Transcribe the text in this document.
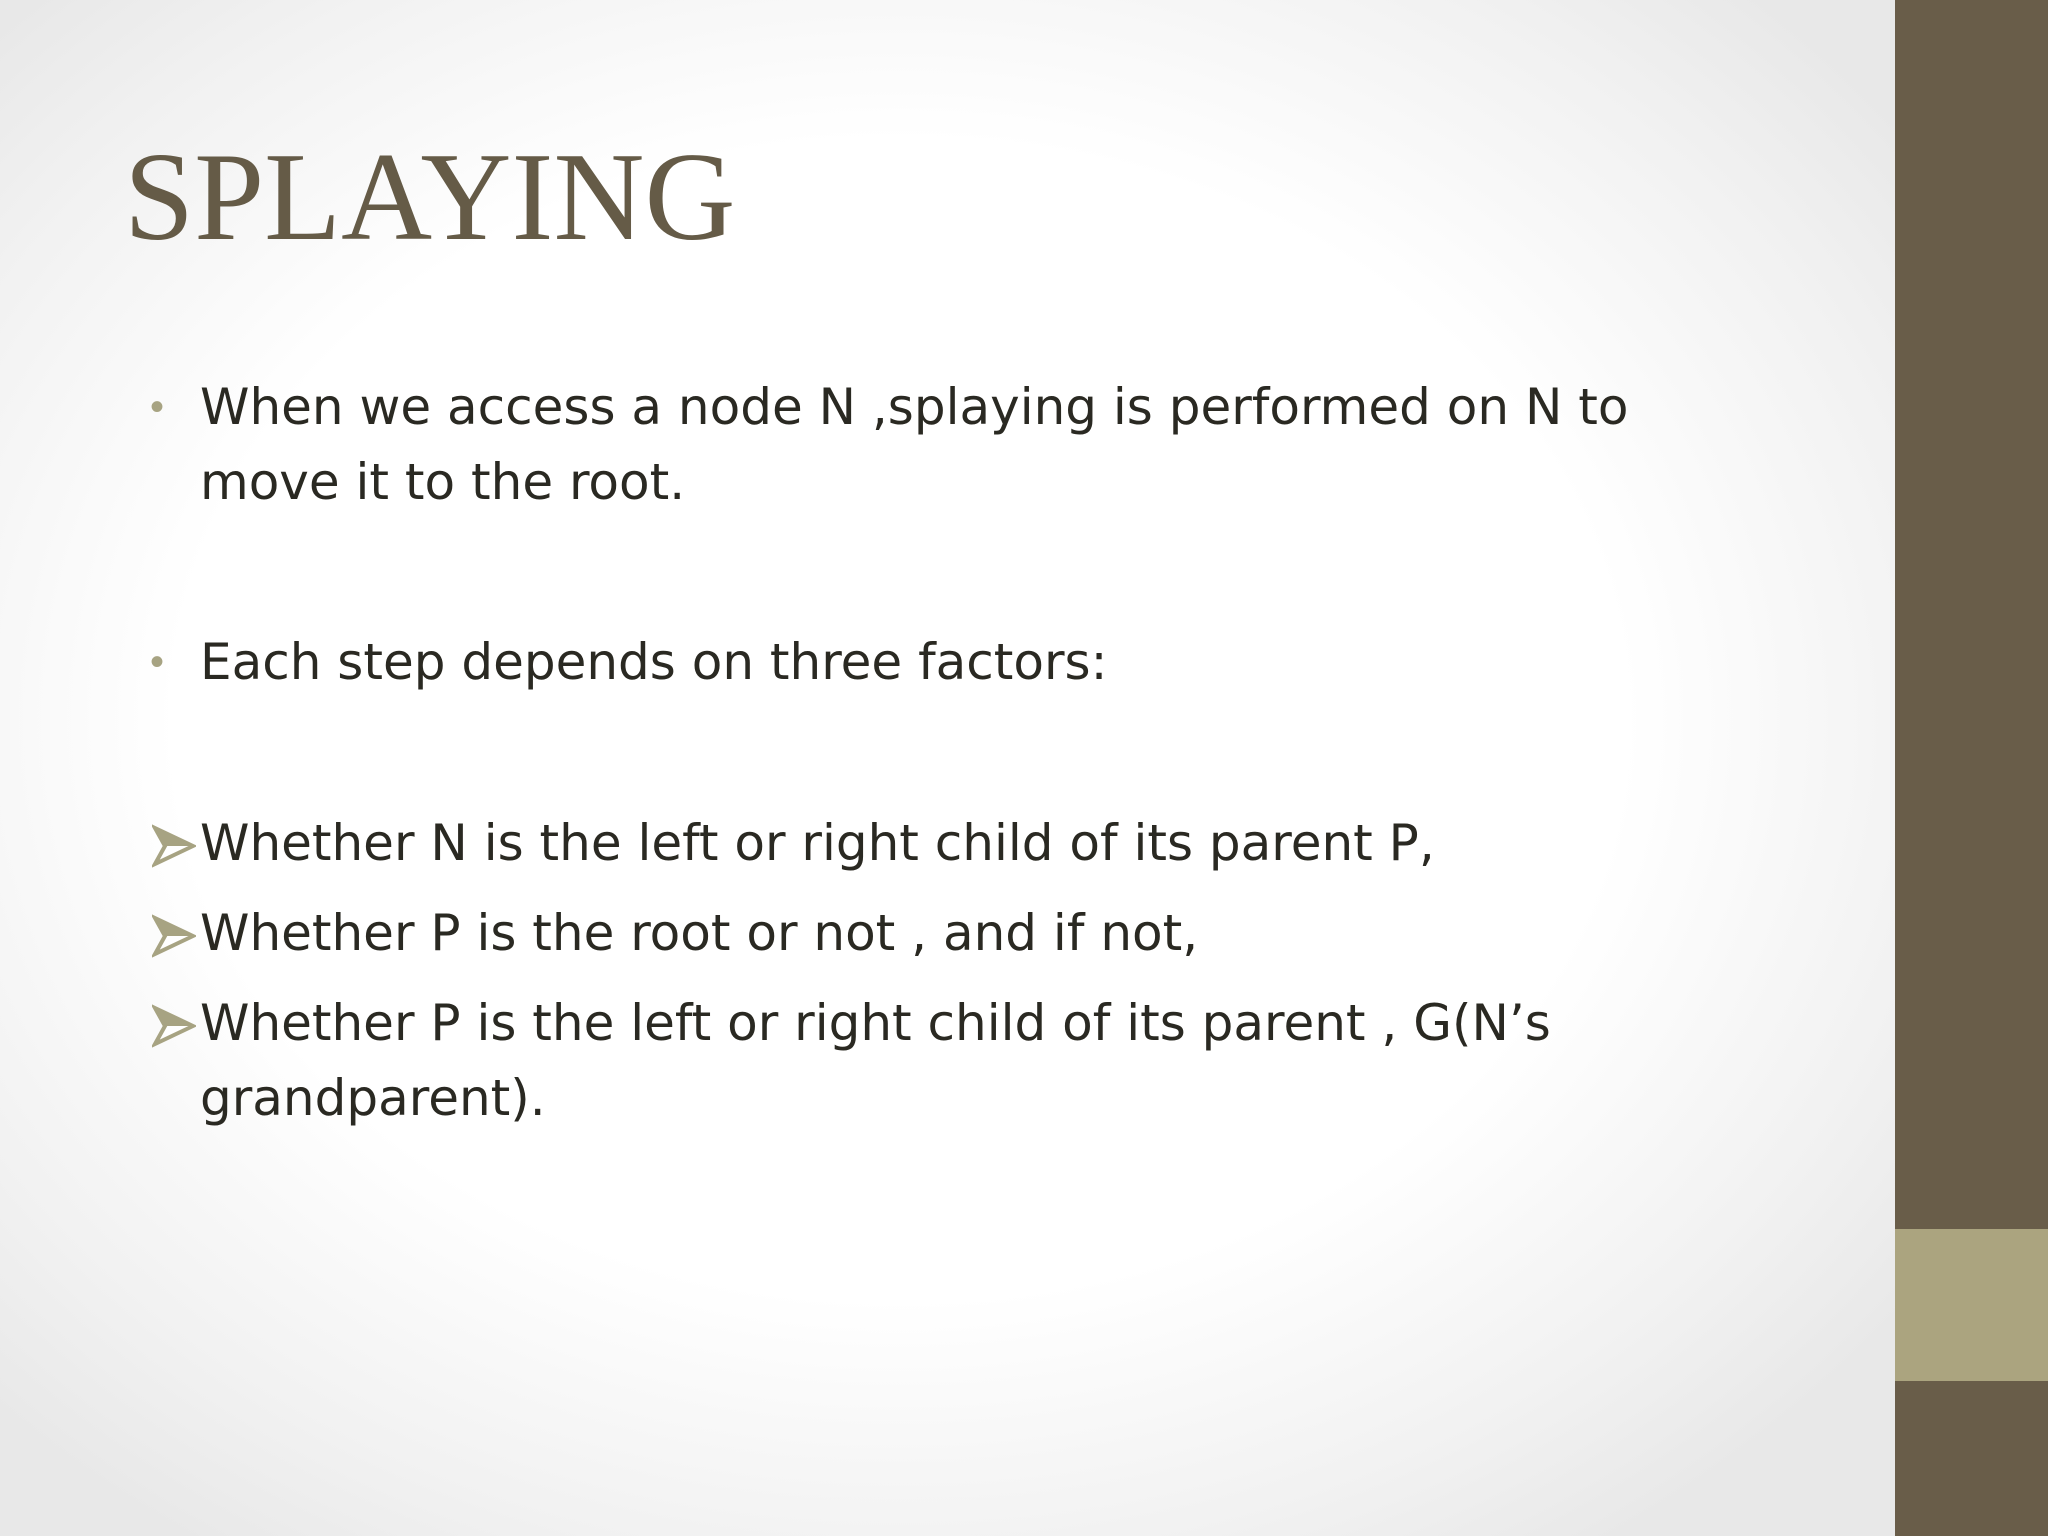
SPLAYING
• When we access a node N ,splaying is performed on N to move it to the root.
• Each step depends on three factors:
Whether N is the left or right child of its parent P,
Whether P is the root or not , and if not,
Whether P is the left or right child of its parent , G(N’s grandparent).
